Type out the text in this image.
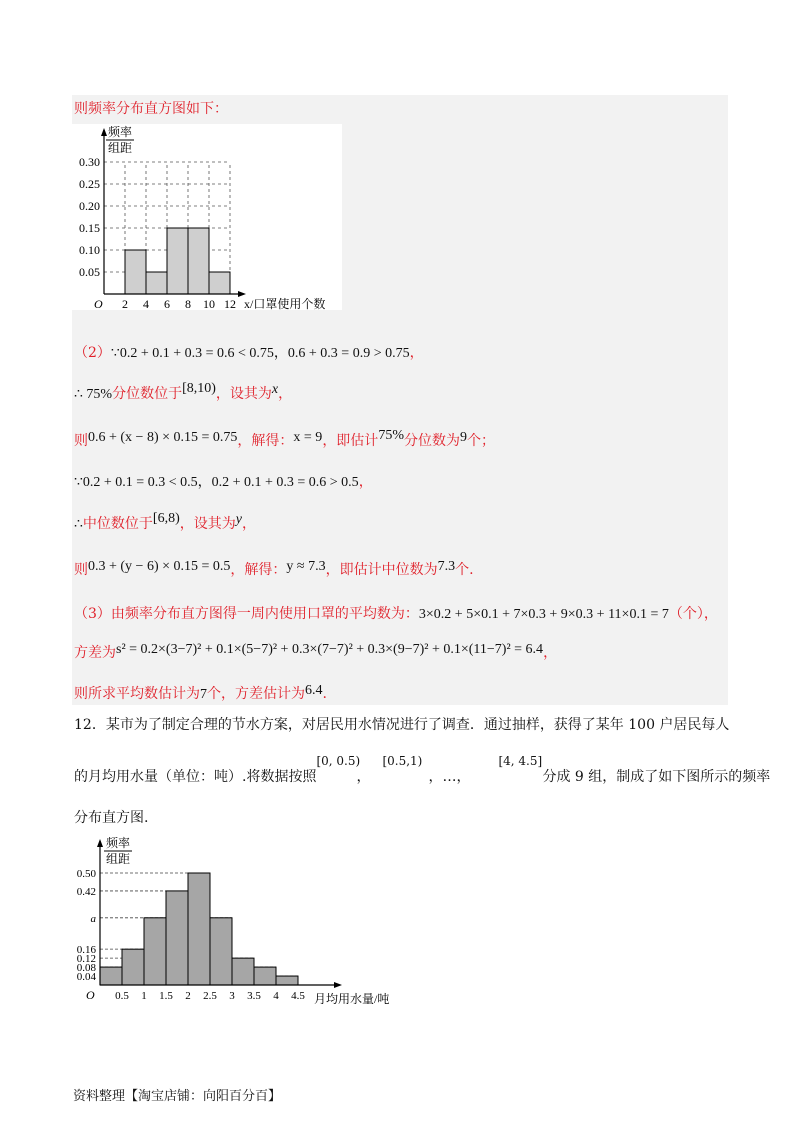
则频率分布直方图如下：
频率
组距
0.05
0.10
0.15
0.20
0.25
0.30
2 4 6 8 10 12
O	x/口罩使用个数
（2）∵0.2 + 0.1 + 0.3 = 0.6 < 0.75，0.6 + 0.3 = 0.9 > 0.75，
∴ 75%分位数位于[8,10)，设其为x，
则0.6 + (x − 8) × 0.15 = 0.75，解得：x = 9，即估计75%分位数为9个；
∵0.2 + 0.1 = 0.3 < 0.5，0.2 + 0.1 + 0.3 = 0.6 > 0.5，
∴中位数位于[6,8)，设其为y，
则0.3 + (y − 6) × 0.15 = 0.5，解得：y ≈ 7.3，即估计中位数为7.3个.
（3）由频率分布直方图得一周内使用口罩的平均数为：3×0.2 + 5×0.1 + 7×0.3 + 9×0.3 + 11×0.1 = 7（个），
方差为s² = 0.2×(3−7)² + 0.1×(5−7)² + 0.3×(7−7)² + 0.3×(9−7)² + 0.1×(11−7)² = 6.4，
则所求平均数估计为7个，方差估计为6.4.
12．某市为了制定合理的节水方案，对居民用水情况进行了调查．通过抽样，获得了某年 100 户居民每人
的月均用水量（单位：吨）.将数据按照[0, 0.5)，[0.5,1)，…，[4, 4.5]分成 9 组，制成了如下图所示的频率
分布直方图.
频率
组距
0.04
0.08
0.12
0.16
a
0.42
0.50
0.5 1 1.5 2 2.5 3 3.5 4 4.5
O	月均用水量/吨
资料整理【淘宝店铺：向阳百分百】
